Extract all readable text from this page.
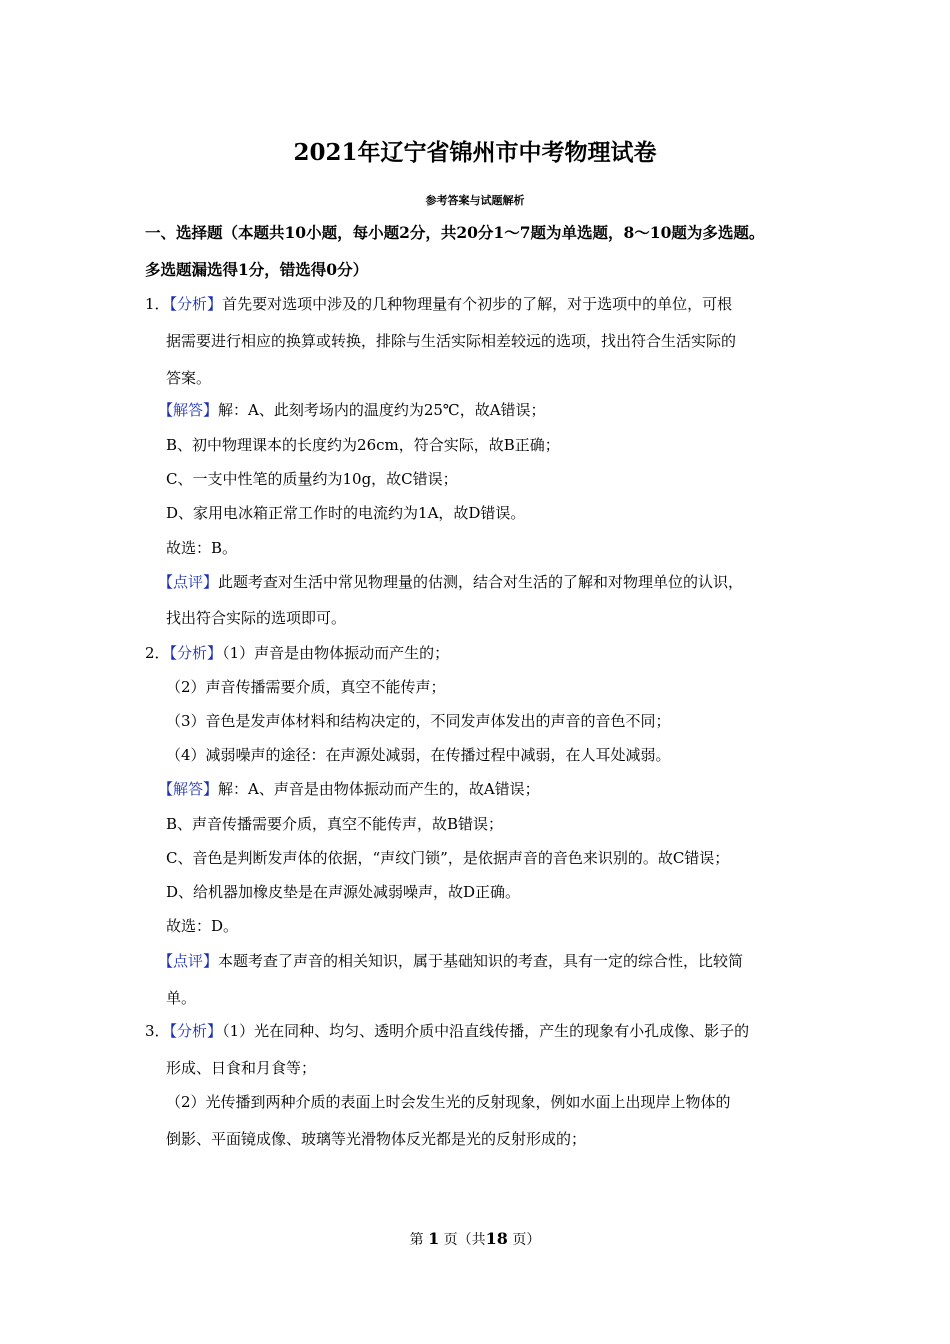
2021年辽宁省锦州市中考物理试卷
参考答案与试题解析
一、选择题（本题共10小题，每小题2分，共20分1～7题为单选题，8～10题为多选题。
多选题漏选得1分，错选得0分）
1．【分析】首先要对选项中涉及的几种物理量有个初步的了解，对于选项中的单位，可根
据需要进行相应的换算或转换，排除与生活实际相差较远的选项，找出符合生活实际的
答案。
【解答】解：A、此刻考场内的温度约为25℃，故A错误；
B、初中物理课本的长度约为26cm，符合实际，故B正确；
C、一支中性笔的质量约为10g，故C错误；
D、家用电冰箱正常工作时的电流约为1A，故D错误。
故选：B。
【点评】此题考查对生活中常见物理量的估测，结合对生活的了解和对物理单位的认识，
找出符合实际的选项即可。
2．【分析】（1）声音是由物体振动而产生的；
（2）声音传播需要介质，真空不能传声；
（3）音色是发声体材料和结构决定的，不同发声体发出的声音的音色不同；
（4）减弱噪声的途径：在声源处减弱，在传播过程中减弱，在人耳处减弱。
【解答】解：A、声音是由物体振动而产生的，故A错误；
B、声音传播需要介质，真空不能传声，故B错误；
C、音色是判断发声体的依据，“声纹门锁”，是依据声音的音色来识别的。故C错误；
D、给机器加橡皮垫是在声源处减弱噪声，故D正确。
故选：D。
【点评】本题考查了声音的相关知识，属于基础知识的考查，具有一定的综合性，比较简
单。
3．【分析】（1）光在同种、均匀、透明介质中沿直线传播，产生的现象有小孔成像、影子的
形成、日食和月食等；
（2）光传播到两种介质的表面上时会发生光的反射现象，例如水面上出现岸上物体的
倒影、平面镜成像、玻璃等光滑物体反光都是光的反射形成的；
第 1 页（共18 页）
